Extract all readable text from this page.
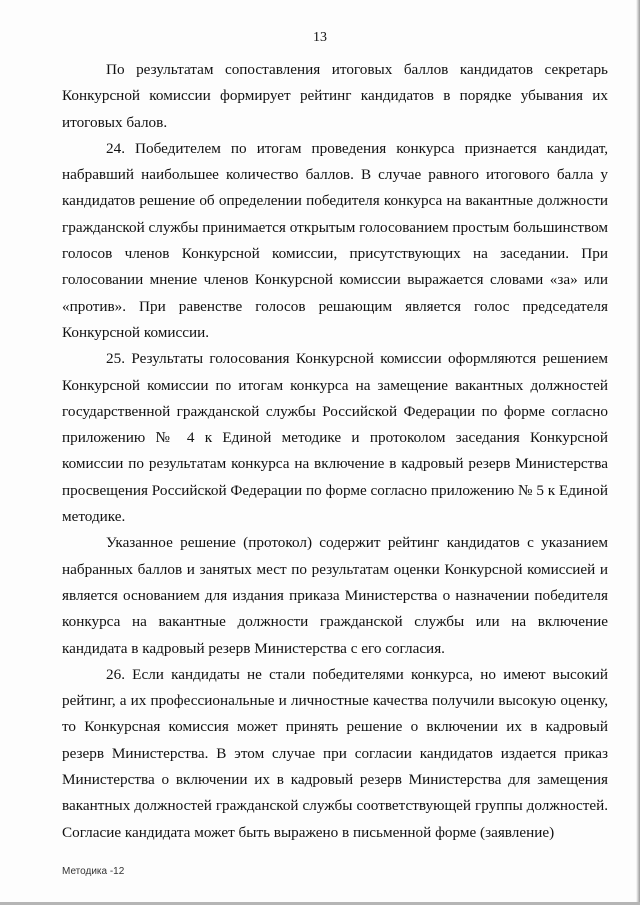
13

По результатам сопоставления итоговых баллов кандидатов секретарь Конкурсной комиссии формирует рейтинг кандидатов в порядке убывания их итоговых балов.

24. Победителем по итогам проведения конкурса признается кандидат, набравший наибольшее количество баллов. В случае равного итогового балла у кандидатов решение об определении победителя конкурса на вакантные должности гражданской службы принимается открытым голосованием простым большинством голосов членов Конкурсной комиссии, присутствующих на заседании. При голосовании мнение членов Конкурсной комиссии выражается словами «за» или «против». При равенстве голосов решающим является голос председателя Конкурсной комиссии.

25. Результаты голосования Конкурсной комиссии оформляются решением Конкурсной комиссии по итогам конкурса на замещение вакантных должностей государственной гражданской службы Российской Федерации по форме согласно приложению № 4 к Единой методике и протоколом заседания Конкурсной комиссии по результатам конкурса на включение в кадровый резерв Министерства просвещения Российской Федерации по форме согласно приложению № 5 к Единой методике.

Указанное решение (протокол) содержит рейтинг кандидатов с указанием набранных баллов и занятых мест по результатам оценки Конкурсной комиссией и является основанием для издания приказа Министерства о назначении победителя конкурса на вакантные должности гражданской службы или на включение кандидата в кадровый резерв Министерства с его согласия.

26. Если кандидаты не стали победителями конкурса, но имеют высокий рейтинг, а их профессиональные и личностные качества получили высокую оценку, то Конкурсная комиссия может принять решение о включении их в кадровый резерв Министерства. В этом случае при согласии кандидатов издается приказ Министерства о включении их в кадровый резерв Министерства для замещения вакантных должностей гражданской службы соответствующей группы должностей. Согласие кандидата может быть выражено в письменной форме (заявление)

Методика -12
